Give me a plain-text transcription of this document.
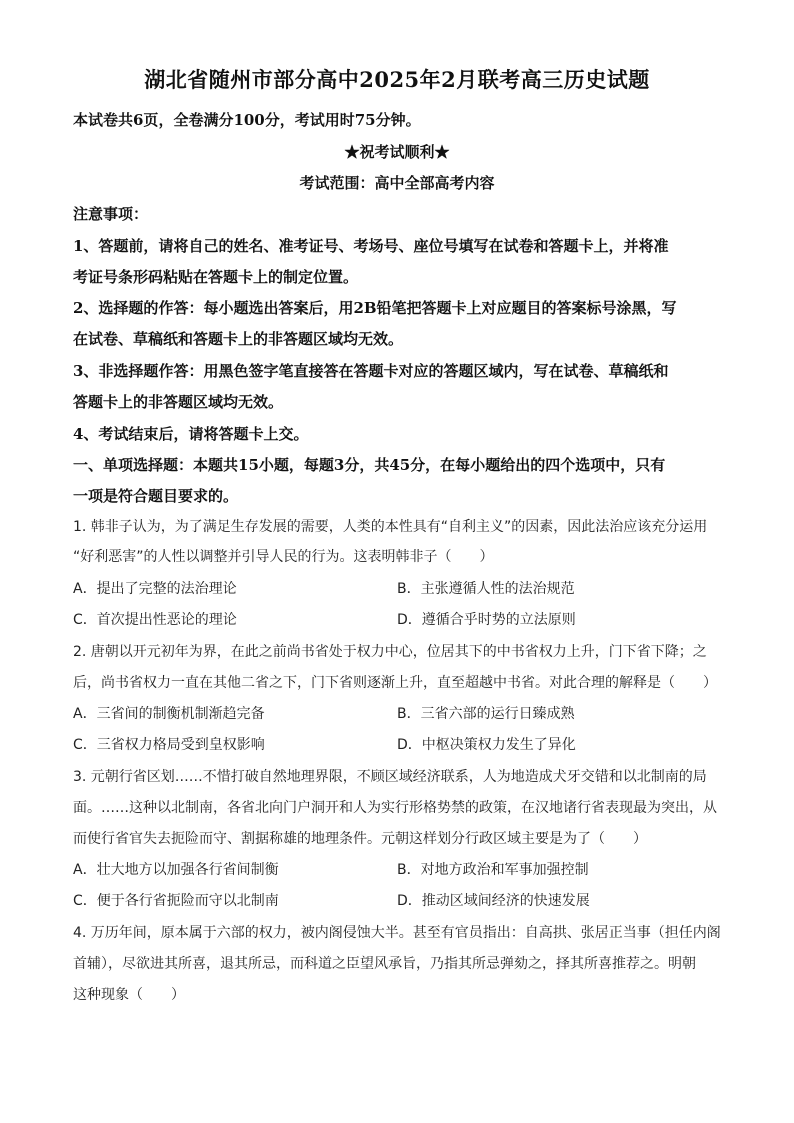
湖北省随州市部分高中2025年2月联考高三历史试题
本试卷共6页，全卷满分100分，考试用时75分钟。
★祝考试顺利★
考试范围：高中全部高考内容
注意事项：
1、答题前，请将自己的姓名、准考证号、考场号、座位号填写在试卷和答题卡上，并将准
考证号条形码粘贴在答题卡上的制定位置。
2、选择题的作答：每小题选出答案后，用2B铅笔把答题卡上对应题目的答案标号涂黑，写
在试卷、草稿纸和答题卡上的非答题区域均无效。
3、非选择题作答：用黑色签字笔直接答在答题卡对应的答题区域内，写在试卷、草稿纸和
答题卡上的非答题区域均无效。
4、考试结束后，请将答题卡上交。
一、单项选择题：本题共15小题，每题3分，共45分，在每小题给出的四个选项中，只有
一项是符合题目要求的。
1. 韩非子认为，为了满足生存发展的需要，人类的本性具有“自利主义”的因素，因此法治应该充分运用
“好利恶害”的人性以调整并引导人民的行为。这表明韩非子（　　）
A．提出了完整的法治理论	B．主张遵循人性的法治规范
C．首次提出性恶论的理论	D．遵循合乎时势的立法原则
2. 唐朝以开元初年为界，在此之前尚书省处于权力中心，位居其下的中书省权力上升，门下省下降；之
后，尚书省权力一直在其他二省之下，门下省则逐渐上升，直至超越中书省。对此合理的解释是（　　）
A．三省间的制衡机制渐趋完备	B．三省六部的运行日臻成熟
C．三省权力格局受到皇权影响	D．中枢决策权力发生了异化
3. 元朝行省区划……不惜打破自然地理界限，不顾区域经济联系，人为地造成犬牙交错和以北制南的局
面。……这种以北制南，各省北向门户洞开和人为实行形格势禁的政策，在汉地诸行省表现最为突出，从
而使行省官失去扼险而守、割据称雄的地理条件。元朝这样划分行政区域主要是为了（　　）
A．壮大地方以加强各行省间制衡	B．对地方政治和军事加强控制
C．便于各行省扼险而守以北制南	D．推动区域间经济的快速发展
4. 万历年间，原本属于六部的权力，被内阁侵蚀大半。甚至有官员指出：自高拱、张居正当事（担任内阁
首辅），尽欲进其所喜，退其所忌，而科道之臣望风承旨，乃指其所忌弹劾之，择其所喜推荐之。明朝
这种现象（　　）
